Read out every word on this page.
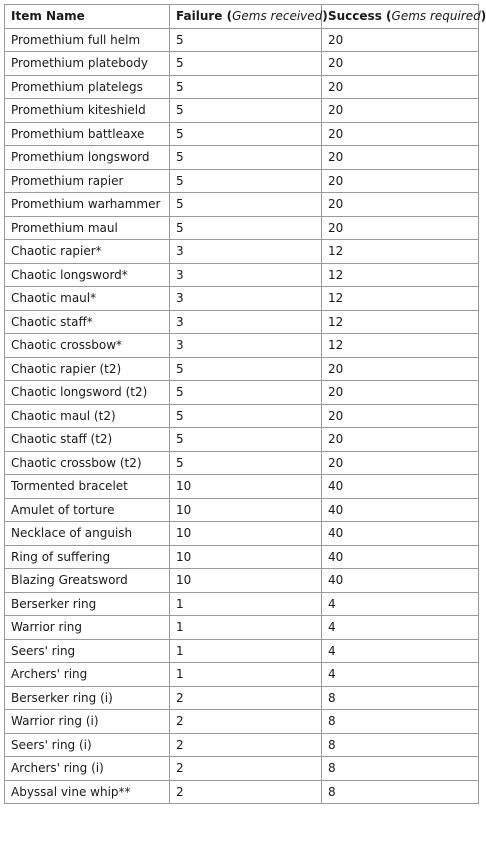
Item Name	Failure (Gems received)	Success (Gems required)
Promethium full helm	5	20
Promethium platebody	5	20
Promethium platelegs	5	20
Promethium kiteshield	5	20
Promethium battleaxe	5	20
Promethium longsword	5	20
Promethium rapier	5	20
Promethium warhammer	5	20
Promethium maul	5	20
Chaotic rapier*	3	12
Chaotic longsword*	3	12
Chaotic maul*	3	12
Chaotic staff*	3	12
Chaotic crossbow*	3	12
Chaotic rapier (t2)	5	20
Chaotic longsword (t2)	5	20
Chaotic maul (t2)	5	20
Chaotic staff (t2)	5	20
Chaotic crossbow (t2)	5	20
Tormented bracelet	10	40
Amulet of torture	10	40
Necklace of anguish	10	40
Ring of suffering	10	40
Blazing Greatsword	10	40
Berserker ring	1	4
Warrior ring	1	4
Seers' ring	1	4
Archers' ring	1	4
Berserker ring (i)	2	8
Warrior ring (i)	2	8
Seers' ring (i)	2	8
Archers' ring (i)	2	8
Abyssal vine whip**	2	8
